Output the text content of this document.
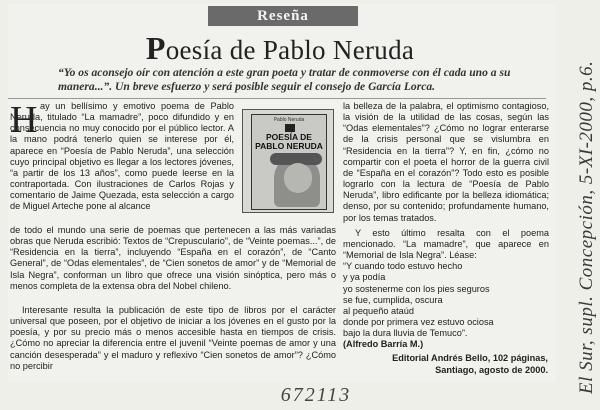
Reseña
Poesía de Pablo Neruda
“Yo os aconsejo oír con atención a este gran poeta y tratar de conmoverse con él cada uno a su manera...”. Un breve esfuerzo y será posible seguir el consejo de García Lorca.
H ay un bellísimo y emotivo poema de Pablo Neruda, titulado “La mamadre”, poco difundido y en consecuencia no muy conocido por el público lector. A la mano podrá tenerlo quien se interese por él, aparece en “Poesía de Pablo Neruda”, una selección cuyo principal objetivo es llegar a los lectores jóvenes, “a partir de los 13 años”, como puede leerse en la contraportada. Con ilustraciones de Carlos Rojas y comentario de Jaime Quezada, esta selección a cargo de Miguel Arteche pone al alcance
de todo el mundo una serie de poemas que pertenecen a las más variadas obras que Neruda escribió: Textos de “Crepusculario”, de “Veinte poemas...”, de “Residencia en la tierra”, incluyendo “España en el corazón”, de “Canto General”, de “Odas elementales”, de “Cien sonetos de amor” y de “Memorial de Isla Negra”, conforman un libro que ofrece una visión sinóptica, pero más o menos completa de la extensa obra del Nobel chileno.
Interesante resulta la publicación de este tipo de libros por el carácter universal que poseen, por el objetivo de iniciar a los jóvenes en el gusto por la poesía, y por su precio más o menos accesible hasta en tiempos de crisis. ¿Cómo no apreciar la diferencia entre el juvenil “Veinte poemas de amor y una canción desesperada” y el maduro y reflexivo “Cien sonetos de amor”? ¿Cómo no percibir
Pablo Neruda
POESÍA DE
PABLO NERUDA
la belleza de la palabra, el optimismo contagioso, la visión de la utilidad de las cosas, según las “Odas elementales”? ¿Cómo no lograr enterarse de la crisis personal que se vislumbra en “Residencia en la tierra”? Y, en fin, ¿cómo no compartir con el poeta el horror de la guerra civil de “España en el corazón”? Todo esto es posible lograrlo con la lectura de “Poesía de Pablo Neruda”, libro edificante por la belleza idiomática; denso, por su contenido; profundamente humano, por los temas tratados.
Y esto último resalta con el poema mencionado. “La mamadre”, que aparece en “Memorial de Isla Negra”. Léase:
“Y cuando todo estuvo hecho
y ya podía
yo sostenerme con los pies seguros
se fue, cumplida, oscura
al pequeño ataúd
donde por primera vez estuvo ociosa
bajo la dura lluvia de Temuco”.
(Alfredo Barría M.)
Editorial Andrés Bello, 102 páginas,
Santiago, agosto de 2000. El Sur, supl. Concepción, 5-XI-2000, p.6.
672113
